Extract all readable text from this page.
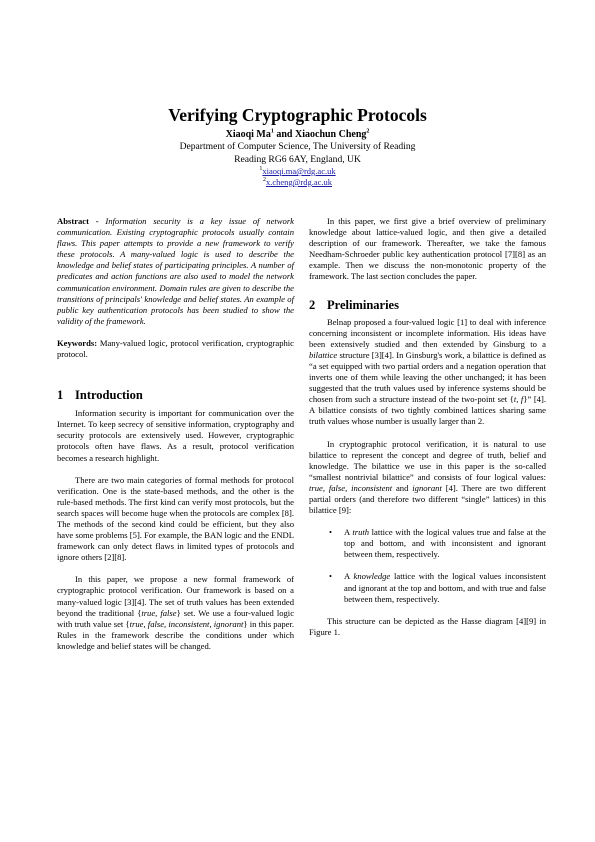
Verifying Cryptographic Protocols
Xiaoqi Ma$^1$ and Xiaochun Cheng$^2$
Department of Computer Science, The University of Reading
Reading RG6 6AY, England, UK
$^1$xiaoqi.ma@rdg.ac.uk
$^2$x.cheng@rdg.ac.uk

Abstract - Information security is a key issue of network communication. Existing cryptographic protocols usually contain flaws. This paper attempts to provide a new framework to verify these protocols. A many-valued logic is used to describe the knowledge and belief states of participating principles. A number of predicates and action functions are also used to model the network communication environment. Domain rules are given to describe the transitions of principals' knowledge and belief states. An example of public key authentication protocols has been studied to show the validity of the framework.

Keywords: Many-valued logic, protocol verification, cryptographic protocol.

1 Introduction

Information security is important for communication over the Internet. To keep secrecy of sensitive information, cryptography and security protocols are extensively used. However, cryptographic protocols often have flaws. As a result, protocol verification becomes a research highlight.

There are two main categories of formal methods for protocol verification. One is the state-based methods, and the other is the rule-based methods. The first kind can verify most protocols, but the search spaces will become huge when the protocols are complex [8]. The methods of the second kind could be efficient, but they also have some problems [5]. For example, the BAN logic and the ENDL framework can only detect flaws in limited types of protocols and ignore others [2][8].

In this paper, we propose a new formal framework of cryptographic protocol verification. Our framework is based on a many-valued logic [3][4]. The set of truth values has been extended beyond the traditional {true, false} set. We use a four-valued logic with truth value set {true, false, inconsistent, ignorant} in this paper. Rules in the framework describe the conditions under which knowledge and belief states will be changed.

In this paper, we first give a brief overview of preliminary knowledge about lattice-valued logic, and then give a detailed description of our framework. Thereafter, we take the famous Needham-Schroeder public key authentication protocol [7][8] as an example. Then we discuss the non-monotonic property of the framework. The last section concludes the paper.

2 Preliminaries

Belnap proposed a four-valued logic [1] to deal with inference concerning inconsistent or incomplete information. His ideas have been extensively studied and then extended by Ginsburg to a bilattice structure [3][4]. In Ginsburg's work, a bilattice is defined as “a set equipped with two partial orders and a negation operation that inverts one of them while leaving the other unchanged; it has been suggested that the truth values used by inference systems should be chosen from such a structure instead of the two-point set {t, f}” [4]. A bilattice consists of two tightly combined lattices sharing same truth values whose number is usually larger than 2.

In cryptographic protocol verification, it is natural to use bilattice to represent the concept and degree of truth, belief and knowledge. The bilattice we use in this paper is the so-called “smallest nontrivial bilattice” and consists of four logical values: true, false, inconsistent and ignorant [4]. There are two different partial orders (and therefore two different “single” lattices) in this bilattice [9]:

• A truth lattice with the logical values true and false at the top and bottom, and with inconsistent and ignorant between them, respectively.
• A knowledge lattice with the logical values inconsistent and ignorant at the top and bottom, and with true and false between them, respectively.

This structure can be depicted as the Hasse diagram [4][9] in Figure 1.
